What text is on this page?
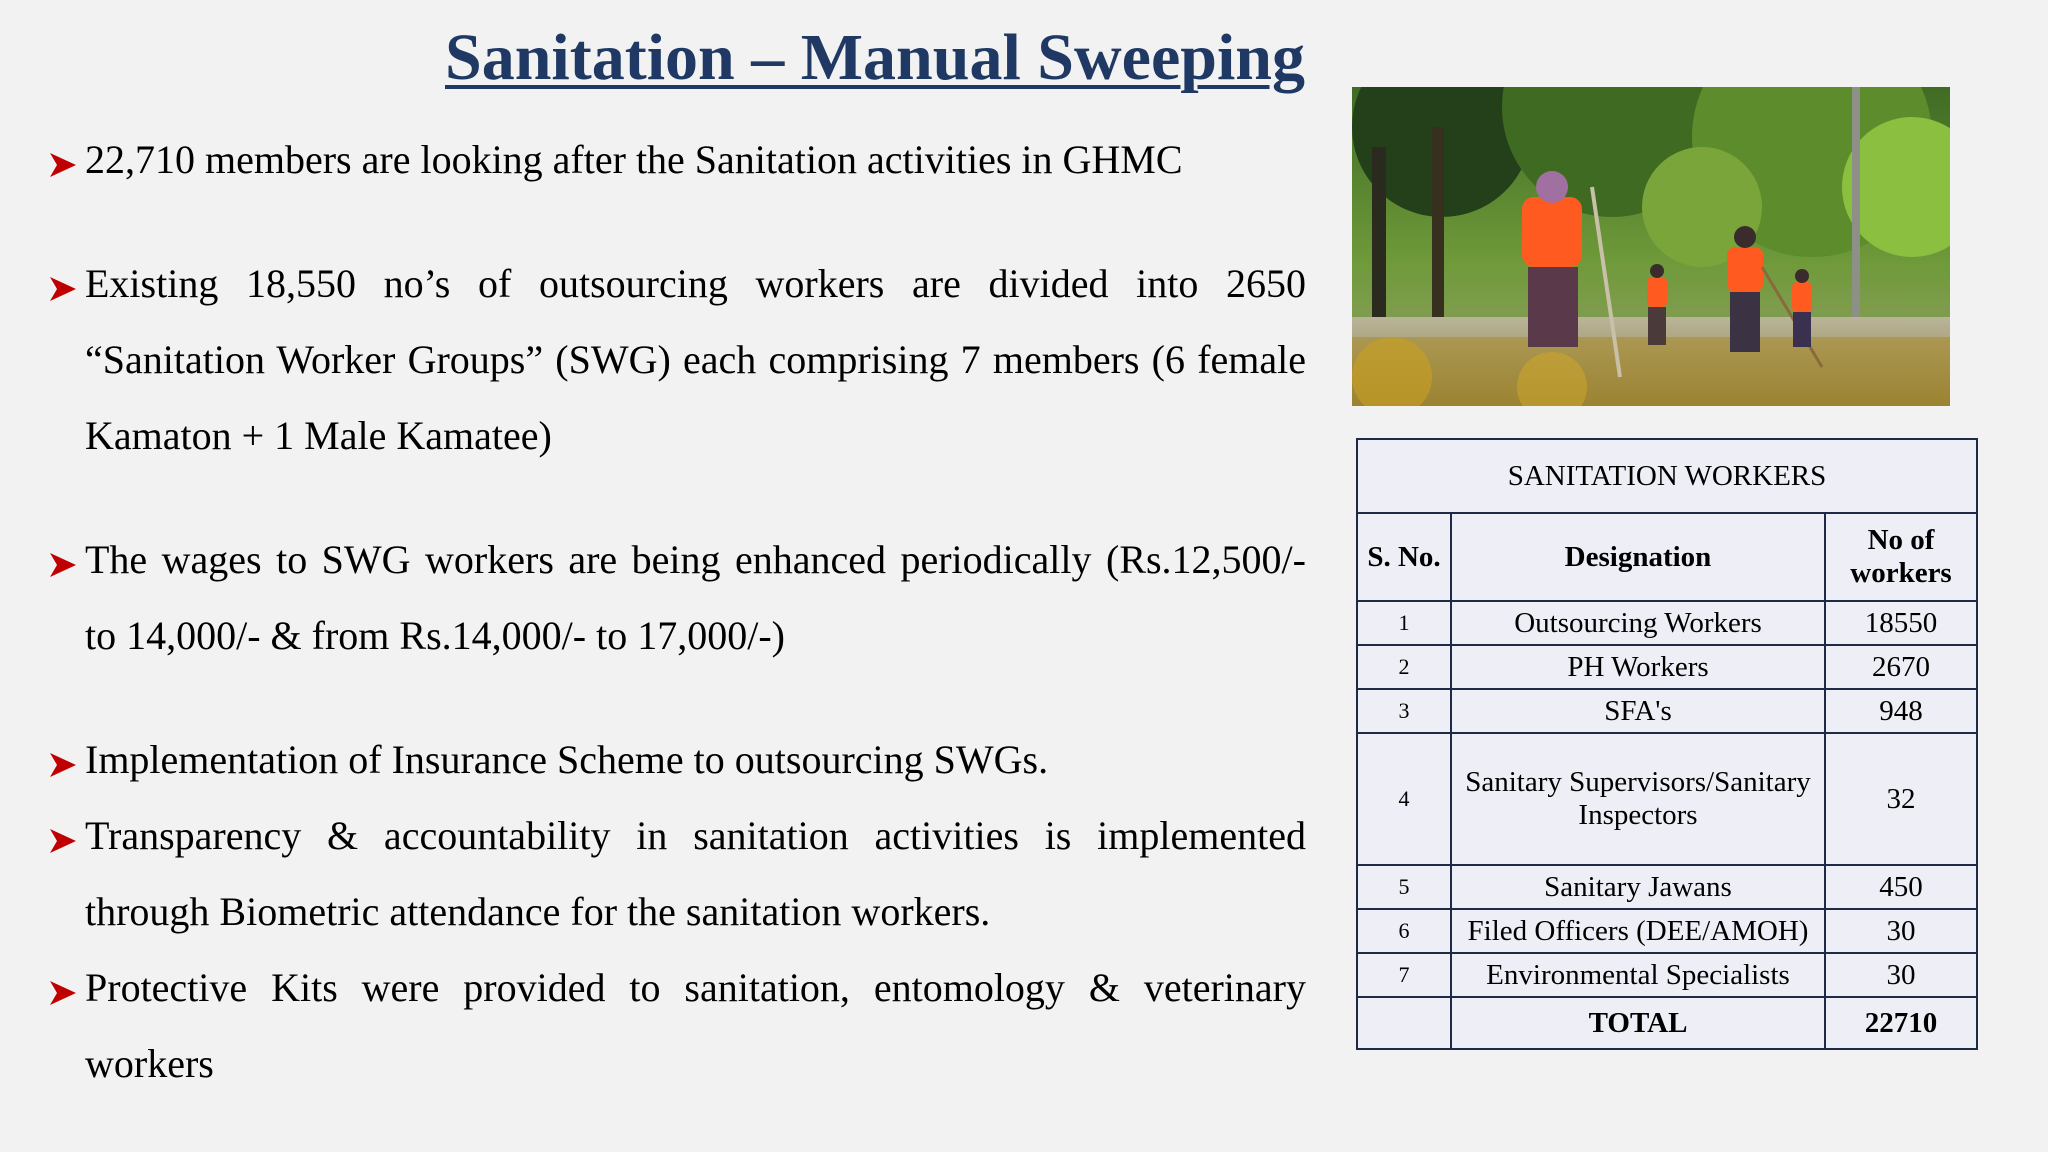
Sanitation – Manual Sweeping
22,710 members are looking after the Sanitation activities in GHMC
Existing 18,550 no’s of outsourcing workers are divided into 2650 “Sanitation Worker Groups” (SWG) each comprising 7 members (6 female Kamaton + 1 Male Kamatee)
The wages to SWG workers are being enhanced periodically (Rs.12,500/- to 14,000/- & from Rs.14,000/- to 17,000/-)
Implementation of Insurance Scheme to outsourcing SWGs.
Transparency & accountability in sanitation activities is implemented through Biometric attendance for the sanitation workers.
Protective Kits were provided to sanitation, entomology & veterinary workers
SANITATION WORKERS		
S. No.	Designation	No of workers
1	Outsourcing Workers	18550
2	PH Workers	2670
3	SFA's	948
4	Sanitary Supervisors/Sanitary Inspectors	32
5	Sanitary Jawans	450
6	Filed Officers (DEE/AMOH)	30
7	Environmental Specialists	30
	TOTAL	22710
